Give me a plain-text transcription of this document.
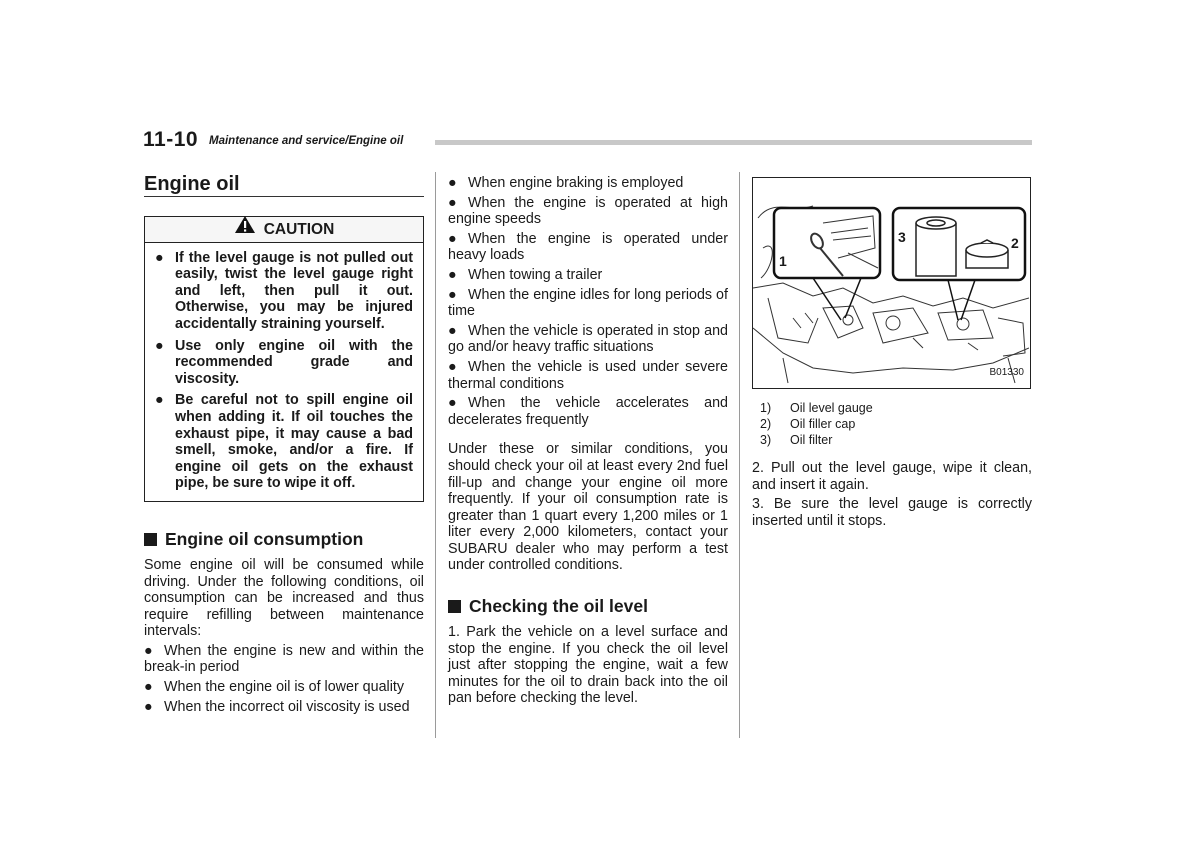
11-10 Maintenance and service/Engine oil
Engine oil
CAUTION
● If the level gauge is not pulled out easily, twist the level gauge right and left, then pull it out. Otherwise, you may be injured accidentally straining yourself.
● Use only engine oil with the recommended grade and viscosity.
● Be careful not to spill engine oil when adding it. If oil touches the exhaust pipe, it may cause a bad smell, smoke, and/or a fire. If engine oil gets on the exhaust pipe, be sure to wipe it off.
Engine oil consumption

Some engine oil will be consumed while driving. Under the following conditions, oil consumption can be increased and thus require refilling between maintenance intervals:

● When the engine is new and within the break-in period
● When the engine oil is of lower quality
● When the incorrect oil viscosity is used
● When engine braking is employed
● When the engine is operated at high engine speeds
● When the engine is operated under heavy loads
● When towing a trailer
● When the engine idles for long periods of time
● When the vehicle is operated in stop and go and/or heavy traffic situations
● When the vehicle is used under severe thermal conditions
● When the vehicle accelerates and decelerates frequently

Under these or similar conditions, you should check your oil at least every 2nd fuel fill-up and change your engine oil more frequently. If your oil consumption rate is greater than 1 quart every 1,200 miles or 1 liter every 2,000 kilometers, contact your SUBARU dealer who may perform a test under controlled conditions.

Checking the oil level

1. Park the vehicle on a level surface and stop the engine. If you check the oil level just after stopping the engine, wait a few minutes for the oil to drain back into the oil pan before checking the level.

1
2
3
B01330
1) Oil level gauge
2) Oil filler cap
3) Oil filter

2. Pull out the level gauge, wipe it clean, and insert it again.

3. Be sure the level gauge is correctly inserted until it stops.
